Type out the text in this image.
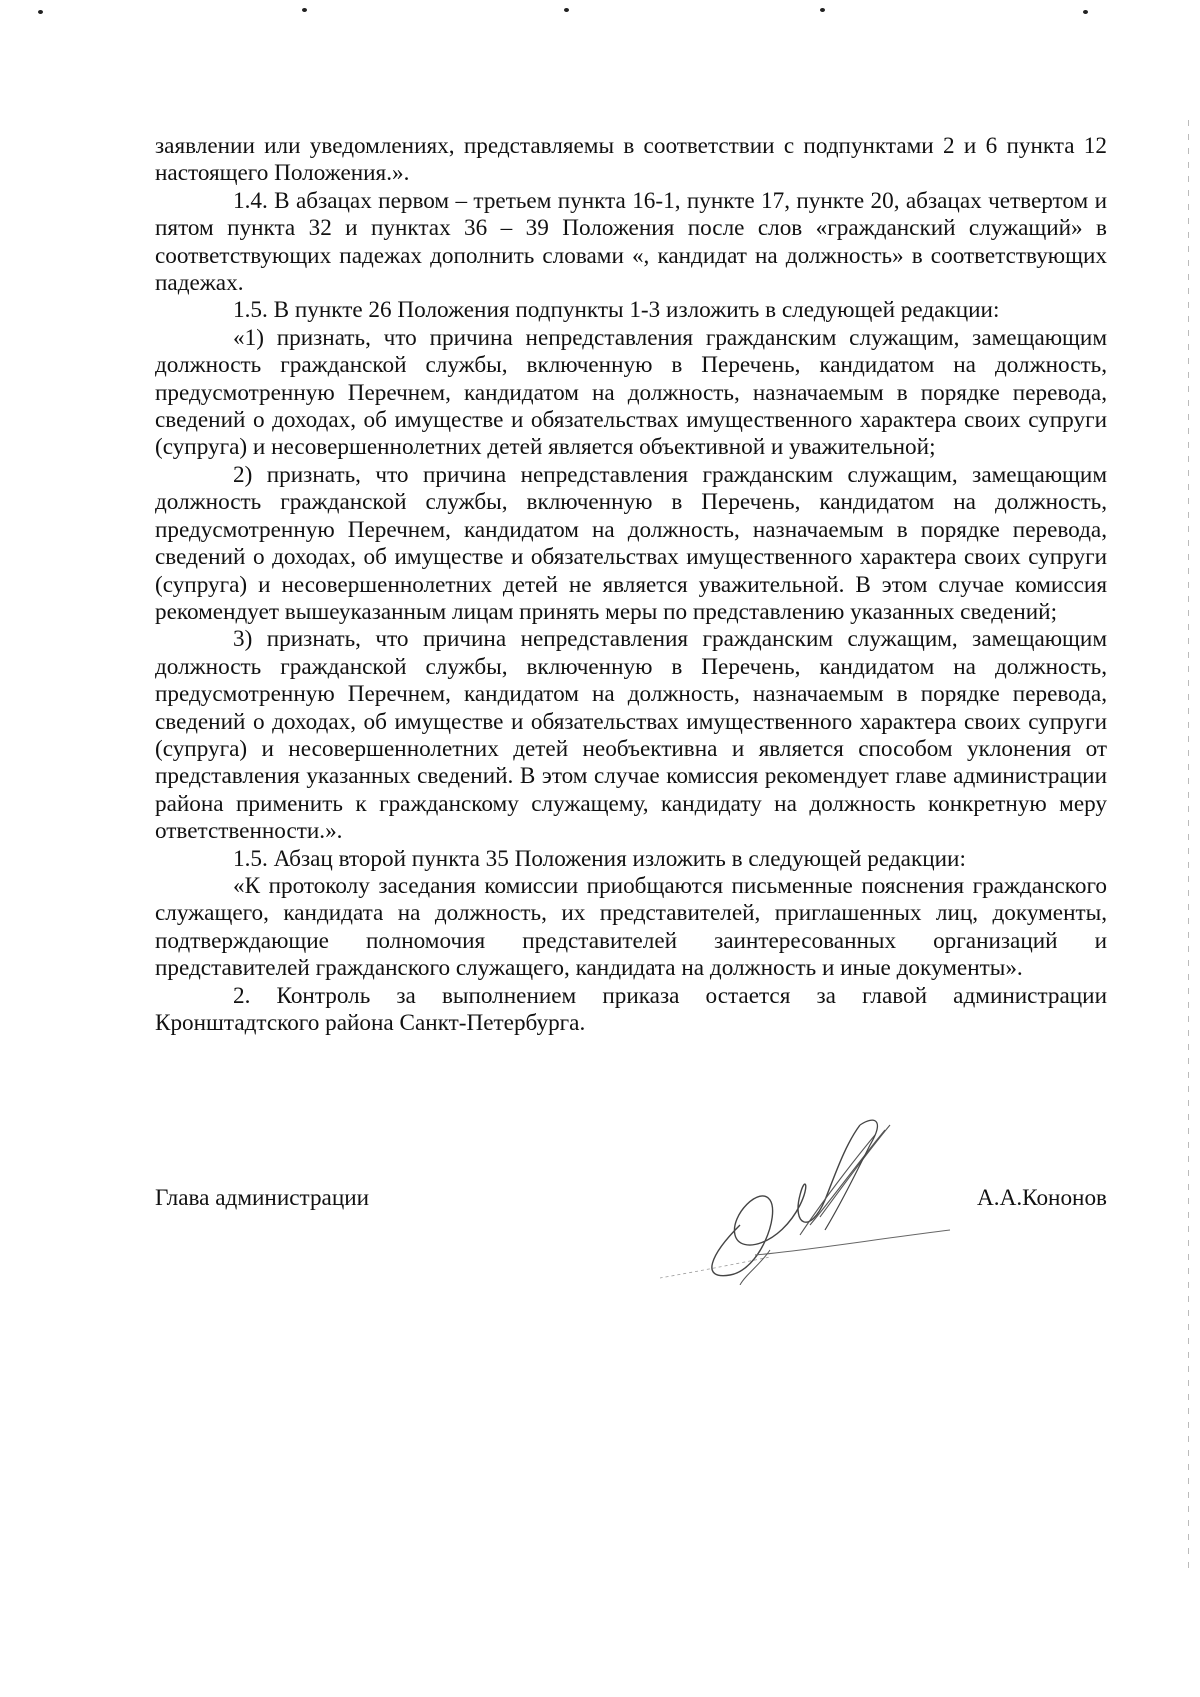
заявлении или уведомлениях, представляемы в соответствии с подпунктами 2 и 6 пункта 12 настоящего Положения.».

1.4. В абзацах первом – третьем пункта 16-1, пункте 17, пункте 20, абзацах четвертом и пятом пункта 32 и пунктах 36 – 39 Положения после слов «гражданский служащий» в соответствующих падежах дополнить словами «, кандидат на должность» в соответствующих падежах.

1.5. В пункте 26 Положения подпункты 1-3 изложить в следующей редакции:

«1) признать, что причина непредставления гражданским служащим, замещающим должность гражданской службы, включенную в Перечень, кандидатом на должность, предусмотренную Перечнем, кандидатом на должность, назначаемым в порядке перевода, сведений о доходах, об имуществе и обязательствах имущественного характера своих супруги (супруга) и несовершеннолетних детей является объективной и уважительной;

2) признать, что причина непредставления гражданским служащим, замещающим должность гражданской службы, включенную в Перечень, кандидатом на должность, предусмотренную Перечнем, кандидатом на должность, назначаемым в порядке перевода, сведений о доходах, об имуществе и обязательствах имущественного характера своих супруги (супруга) и несовершеннолетних детей не является уважительной. В этом случае комиссия рекомендует вышеуказанным лицам принять меры по представлению указанных сведений;

3) признать, что причина непредставления гражданским служащим, замещающим должность гражданской службы, включенную в Перечень, кандидатом на должность, предусмотренную Перечнем, кандидатом на должность, назначаемым в порядке перевода, сведений о доходах, об имуществе и обязательствах имущественного характера своих супруги (супруга) и несовершеннолетних детей необъективна и является способом уклонения от представления указанных сведений. В этом случае комиссия рекомендует главе администрации района применить к гражданскому служащему, кандидату на должность конкретную меру ответственности.».

1.5. Абзац второй пункта 35 Положения изложить в следующей редакции:

«К протоколу заседания комиссии приобщаются письменные пояснения гражданского служащего, кандидата на должность, их представителей, приглашенных лиц, документы, подтверждающие полномочия представителей заинтересованных организаций и представителей гражданского служащего, кандидата на должность и иные документы».

2. Контроль за выполнением приказа остается за главой администрации Кронштадтского района Санкт-Петербурга.

Глава администрации	А.А.Кононов
